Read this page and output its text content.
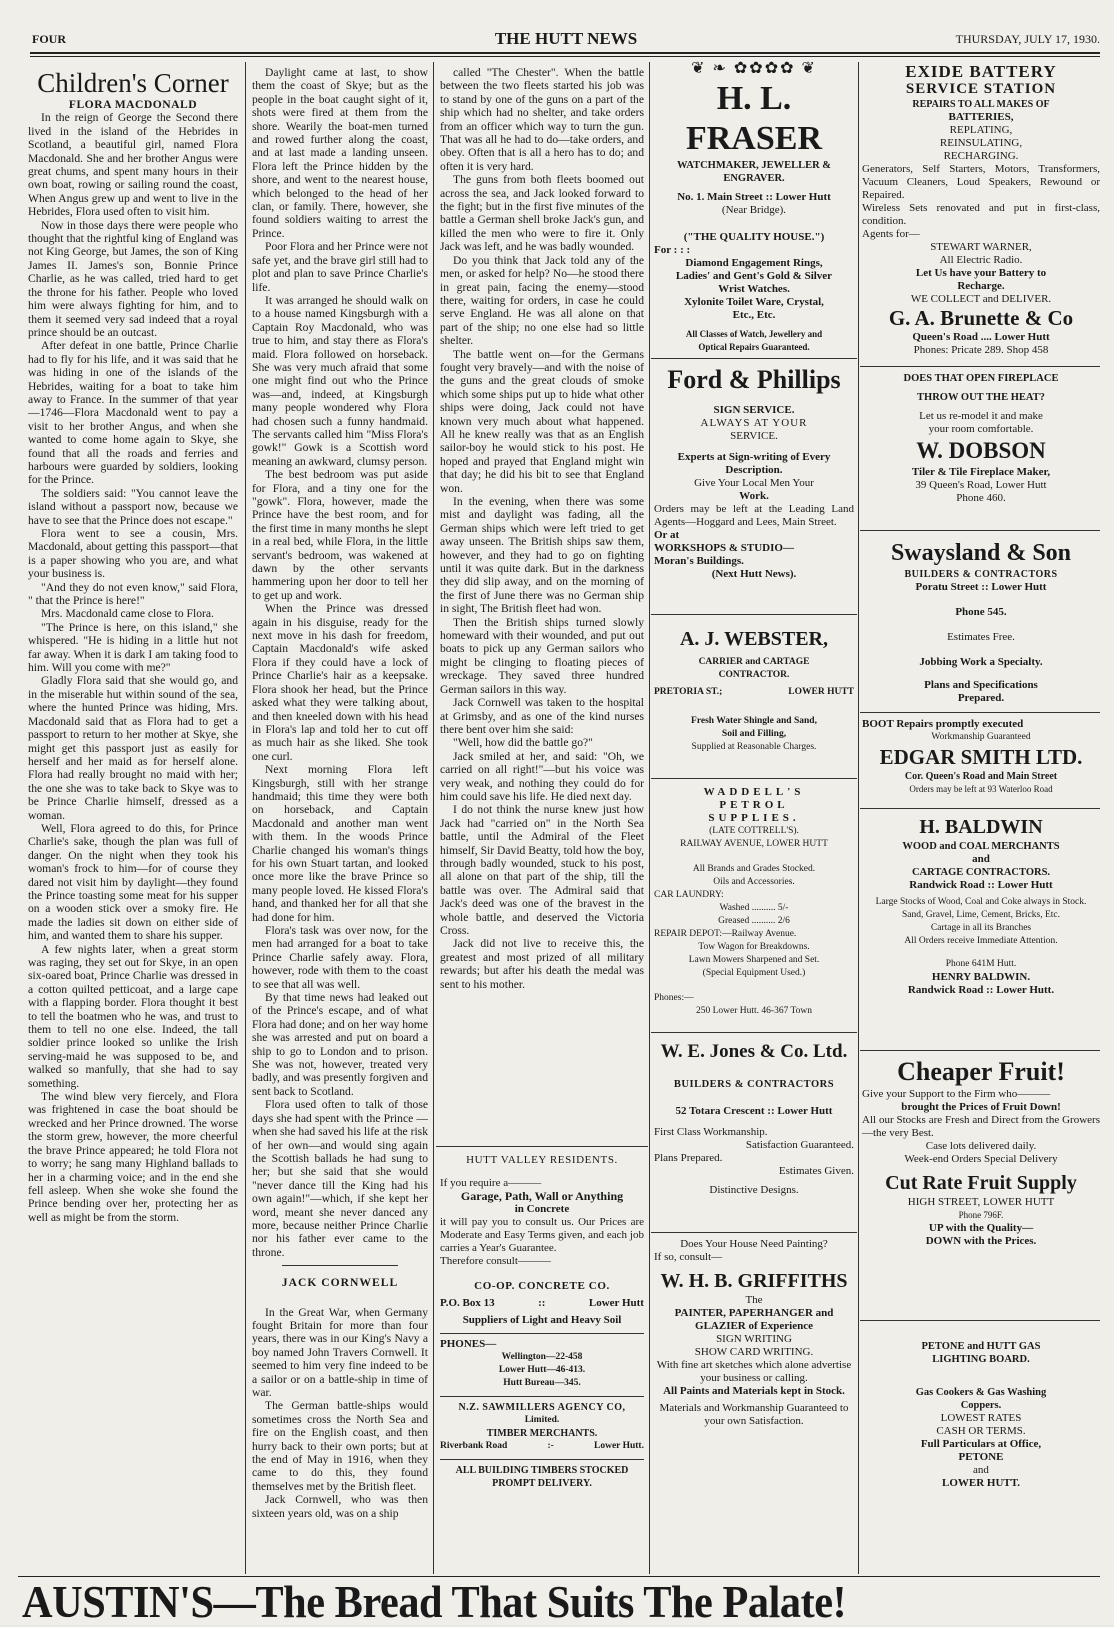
FOUR	THE HUTT NEWS	THURSDAY, JULY 17, 1930.
Children's Corner

FLORA MACDONALD

In the reign of George the Second there lived in the island of the Hebrides in Scotland, a beautiful girl, named Flora Macdonald. She and her brother Angus were great chums, and spent many hours in their own boat, rowing or sailing round the coast, When Angus grew up and went to live in the Hebrides, Flora used often to visit him.

Now in those days there were people who thought that the rightful king of England was not King George, but James, the son of King James II. James's son, Bonnie Prince Charlie, as he was called, tried hard to get the throne for his father. People who loved him were always fighting for him, and to them it seemed very sad indeed that a royal prince should be an outcast.

After defeat in one battle, Prince Charlie had to fly for his life, and it was said that he was hiding in one of the islands of the Hebrides, waiting for a boat to take him away to France. In the summer of that year—1746—Flora Macdonald went to pay a visit to her brother Angus, and when she wanted to come home again to Skye, she found that all the roads and ferries and harbours were guarded by soldiers, looking for the Prince.

The soldiers said: "You cannot leave the island without a passport now, because we have to see that the Prince does not escape."

Flora went to see a cousin, Mrs. Macdonald, about getting this passport—that is a paper showing who you are, and what your business is.

"And they do not even know," said Flora, " that the Prince is here!"

Mrs. Macdonald came close to Flora.

"The Prince is here, on this island," she whispered. "He is hiding in a little hut not far away. When it is dark I am taking food to him. Will you come with me?"

Gladly Flora said that she would go, and in the miserable hut within sound of the sea, where the hunted Prince was hiding, Mrs. Macdonald said that as Flora had to get a passport to return to her mother at Skye, she might get this passport just as easily for herself and her maid as for herself alone. Flora had really brought no maid with her; the one she was to take back to Skye was to be Prince Charlie himself, dressed as a woman.

Well, Flora agreed to do this, for Prince Charlie's sake, though the plan was full of danger. On the night when they took his woman's frock to him—for of course they dared not visit him by daylight—they found the Prince toasting some meat for his supper on a wooden stick over a smoky fire. He made the ladies sit down on either side of him, and wanted them to share his supper.

A few nights later, when a great storm was raging, they set out for Skye, in an open six-oared boat, Prince Charlie was dressed in a cotton quilted petticoat, and a large cape with a flapping border. Flora thought it best to tell the boatmen who he was, and trust to them to tell no one else. Indeed, the tall soldier prince looked so unlike the Irish serving-maid he was supposed to be, and walked so manfully, that she had to say something.

The wind blew very fiercely, and Flora was frightened in case the boat should be wrecked and her Prince drowned. The worse the storm grew, however, the more cheerful the brave Prince appeared; he told Flora not to worry; he sang many Highland ballads to her in a charming voice; and in the end she fell asleep. When she woke she found the Prince bending over her, protecting her as well as might be from the storm.

Daylight came at last, to show them the coast of Skye; but as the people in the boat caught sight of it, shots were fired at them from the shore. Wearily the boat-men turned and rowed further along the coast, and at last made a landing unseen. Flora left the Prince hidden by the shore, and went to the nearest house, which belonged to the head of her clan, or family. There, however, she found soldiers waiting to arrest the Prince.

Poor Flora and her Prince were not safe yet, and the brave girl still had to plot and plan to save Prince Charlie's life.

It was arranged he should walk on to a house named Kingsburgh with a Captain Roy Macdonald, who was true to him, and stay there as Flora's maid. Flora followed on horseback. She was very much afraid that some one might find out who the Prince was—and, indeed, at Kingsburgh many people wondered why Flora had chosen such a funny handmaid. The servants called him "Miss Flora's gowk!" Gowk is a Scottish word meaning an awkward, clumsy person.

The best bedroom was put aside for Flora, and a tiny one for the "gowk". Flora, however, made the Prince have the best room, and for the first time in many months he slept in a real bed, while Flora, in the little servant's bedroom, was wakened at dawn by the other servants hammering upon her door to tell her to get up and work.

When the Prince was dressed again in his disguise, ready for the next move in his dash for freedom, Captain Macdonald's wife asked Flora if they could have a lock of Prince Charlie's hair as a keepsake. Flora shook her head, but the Prince asked what they were talking about, and then kneeled down with his head in Flora's lap and told her to cut off as much hair as she liked. She took one curl.

Next morning Flora left Kingsburgh, still with her strange handmaid; this time they were both on horseback, and Captain Macdonald and another man went with them. In the woods Prince Charlie changed his woman's things for his own Stuart tartan, and looked once more like the brave Prince so many people loved. He kissed Flora's hand, and thanked her for all that she had done for him.

Flora's task was over now, for the men had arranged for a boat to take Prince Charlie safely away. Flora, however, rode with them to the coast to see that all was well.

By that time news had leaked out of the Prince's escape, and of what Flora had done; and on her way home she was arrested and put on board a ship to go to London and to prison. She was not, however, treated very badly, and was presently forgiven and sent back to Scotland.

Flora used often to talk of those days she had spent with the Prince —when she had saved his life at the risk of her own—and would sing again the Scottish ballads he had sung to her; but she said that she would "never dance till the King had his own again!"—which, if she kept her word, meant she never danced any more, because neither Prince Charlie nor his father ever came to the throne.

JACK CORNWELL

In the Great War, when Germany fought Britain for more than four years, there was in our King's Navy a boy named John Travers Cornwell. It seemed to him very fine indeed to be a sailor or on a battle-ship in time of war.

The German battle-ships would sometimes cross the North Sea and fire on the English coast, and then hurry back to their own ports; but at the end of May in 1916, when they came to do this, they found themselves met by the British fleet.

Jack Cornwell, who was then sixteen years old, was on a ship

called "The Chester". When the battle between the two fleets started his job was to stand by one of the guns on a part of the ship which had no shelter, and take orders from an officer which way to turn the gun. That was all he had to do—take orders, and obey. Often that is all a hero has to do; and often it is very hard.

The guns from both fleets boomed out across the sea, and Jack looked forward to the fight; but in the first five minutes of the battle a German shell broke Jack's gun, and killed the men who were to fire it. Only Jack was left, and he was badly wounded.

Do you think that Jack told any of the men, or asked for help? No—he stood there in great pain, facing the enemy—stood there, waiting for orders, in case he could serve England. He was all alone on that part of the ship; no one else had so little shelter.

The battle went on—for the Germans fought very bravely—and with the noise of the guns and the great clouds of smoke which some ships put up to hide what other ships were doing, Jack could not have known very much about what happened. All he knew really was that as an English sailor-boy he would stick to his post. He hoped and prayed that England might win that day; he did his bit to see that England won.

In the evening, when there was some mist and daylight was fading, all the German ships which were left tried to get away unseen. The British ships saw them, however, and they had to go on fighting until it was quite dark. But in the darkness they did slip away, and on the morning of the first of June there was no German ship in sight, The British fleet had won.

Then the British ships turned slowly homeward with their wounded, and put out boats to pick up any German sailors who might be clinging to floating pieces of wreckage. They saved three hundred German sailors in this way.

Jack Cornwell was taken to the hospital at Grimsby, and as one of the kind nurses there bent over him she said:

"Well, how did the battle go?"

Jack smiled at her, and said: "Oh, we carried on all right!"—but his voice was very weak, and nothing they could do for him could save his life. He died next day.

I do not think the nurse knew just how Jack had "carried on" in the North Sea battle, until the Admiral of the Fleet himself, Sir David Beatty, told how the boy, through badly wounded, stuck to his post, all alone on that part of the ship, till the battle was over. The Admiral said that Jack's deed was one of the bravest in the whole battle, and deserved the Victoria Cross.

Jack did not live to receive this, the greatest and most prized of all military rewards; but after his death the medal was sent to his mother.

HUTT VALLEY RESIDENTS.
If you require a———
Garage, Path, Wall or Anything
in Concrete
it will pay you to consult us. Our Prices are Moderate and Easy Terms given, and each job carries a Year's Guarantee.
Therefore consult———
CO-OP. CONCRETE CO.
P.O. Box 13	::	Lower Hutt
Suppliers of Light and Heavy Soil
PHONES—
Wellington—22-458
Lower Hutt—46-413.
Hutt Bureau—345.
N.Z. SAWMILLERS AGENCY CO,
Limited.
TIMBER MERCHANTS.
Riverbank Road	:-	Lower Hutt.
ALL BUILDING TIMBERS STOCKED
PROMPT DELIVERY.
❦ ❧ ✿✿✿✿ ❦
H. L. FRASER
WATCHMAKER, JEWELLER &
ENGRAVER.
No. 1. Main Street :: Lower Hutt
(Near Bridge).
("THE QUALITY HOUSE.")
For : : :
Diamond Engagement Rings,
Ladies' and Gent's Gold & Silver
Wrist Watches.
Xylonite Toilet Ware, Crystal,
Etc., Etc.
All Classes of Watch, Jewellery and
Optical Repairs Guaranteed.
Ford & Phillips
SIGN SERVICE.
ALWAYS AT YOUR
SERVICE.
Experts at Sign-writing of Every
Description.
Give Your Local Men Your
Work.
Orders may be left at the Leading Land Agents—Hoggard and Lees, Main Street.
Or at
WORKSHOPS & STUDIO—
Moran's Buildings.
(Next Hutt News).
A. J. WEBSTER,
CARRIER and CARTAGE
CONTRACTOR.
PRETORIA ST.;	LOWER HUTT
Fresh Water Shingle and Sand,
Soil and Filling,
Supplied at Reasonable Charges.
WADDELL'S
PETROL
SUPPLIES.
(LATE COTTRELL'S).
RAILWAY AVENUE, LOWER HUTT
All Brands and Grades Stocked.
Oils and Accessories.
CAR LAUNDRY:
Washed .......... 5/-
Greased .......... 2/6
REPAIR DEPOT:—Railway Avenue.
Tow Wagon for Breakdowns.
Lawn Mowers Sharpened and Set.
(Special Equipment Used.)
Phones:—
250 Lower Hutt. 46-367 Town
W. E. Jones & Co. Ltd.
BUILDERS & CONTRACTORS
52 Totara Crescent :: Lower Hutt
First Class Workmanship.
Satisfaction Guaranteed.
Plans Prepared.
Estimates Given.
Distinctive Designs.
Does Your House Need Painting?
If so, consult—
W. H. B. GRIFFITHS
The
PAINTER, PAPERHANGER and GLAZIER of Experience
SIGN WRITING
SHOW CARD WRITING.
With fine art sketches which alone advertise your business or calling.
All Paints and Materials kept in Stock.
Materials and Workmanship Guaranteed to your own Satisfaction.
EXIDE BATTERY
SERVICE STATION
REPAIRS TO ALL MAKES OF
BATTERIES,
REPLATING,
REINSULATING,
RECHARGING.
Generators, Self Starters, Motors, Transformers, Vacuum Cleaners, Loud Speakers, Rewound or Repaired.
Wireless Sets renovated and put in first-class, condition.
Agents for—
STEWART WARNER,
All Electric Radio.
Let Us have your Battery to
Recharge.
WE COLLECT and DELIVER.
G. A. Brunette & Co
Queen's Road .... Lower Hutt
Phones: Pricate 289. Shop 458
DOES THAT OPEN FIREPLACE
THROW OUT THE HEAT?
Let us re-model it and make
your room comfortable.
W. DOBSON
Tiler & Tile Fireplace Maker,
39 Queen's Road, Lower Hutt
Phone 460.
Swaysland & Son
BUILDERS & CONTRACTORS
Poratu Street :: Lower Hutt
Phone 545.
Estimates Free.
Jobbing Work a Specialty.
Plans and Specifications
Prepared.
BOOT Repairs promptly executed
Workmanship Guaranteed
EDGAR SMITH LTD.
Cor. Queen's Road and Main Street
Orders may be left at 93 Waterloo Road
H. BALDWIN
WOOD and COAL MERCHANTS
and
CARTAGE CONTRACTORS.
Randwick Road :: Lower Hutt
Large Stocks of Wood, Coal and Coke always in Stock.
Sand, Gravel, Lime, Cement, Bricks, Etc.
Cartage in all its Branches
All Orders receive Immediate Attention.
Phone 641M Hutt.
HENRY BALDWIN.
Randwick Road :: Lower Hutt.
Cheaper Fruit!
Give your Support to the Firm who———
brought the Prices of Fruit Down!
All our Stocks are Fresh and Direct from the Growers—the very Best.
Case lots delivered daily.
Week-end Orders Special Delivery
Cut Rate Fruit Supply
HIGH STREET, LOWER HUTT
Phone 796F.
UP with the Quality—
DOWN with the Prices.
PETONE and HUTT GAS
LIGHTING BOARD.
Gas Cookers & Gas Washing
Coppers.
LOWEST RATES
CASH OR TERMS.
Full Particulars at Office,
PETONE
and
LOWER HUTT.
AUSTIN'S—The Bread That Suits The Palate!
